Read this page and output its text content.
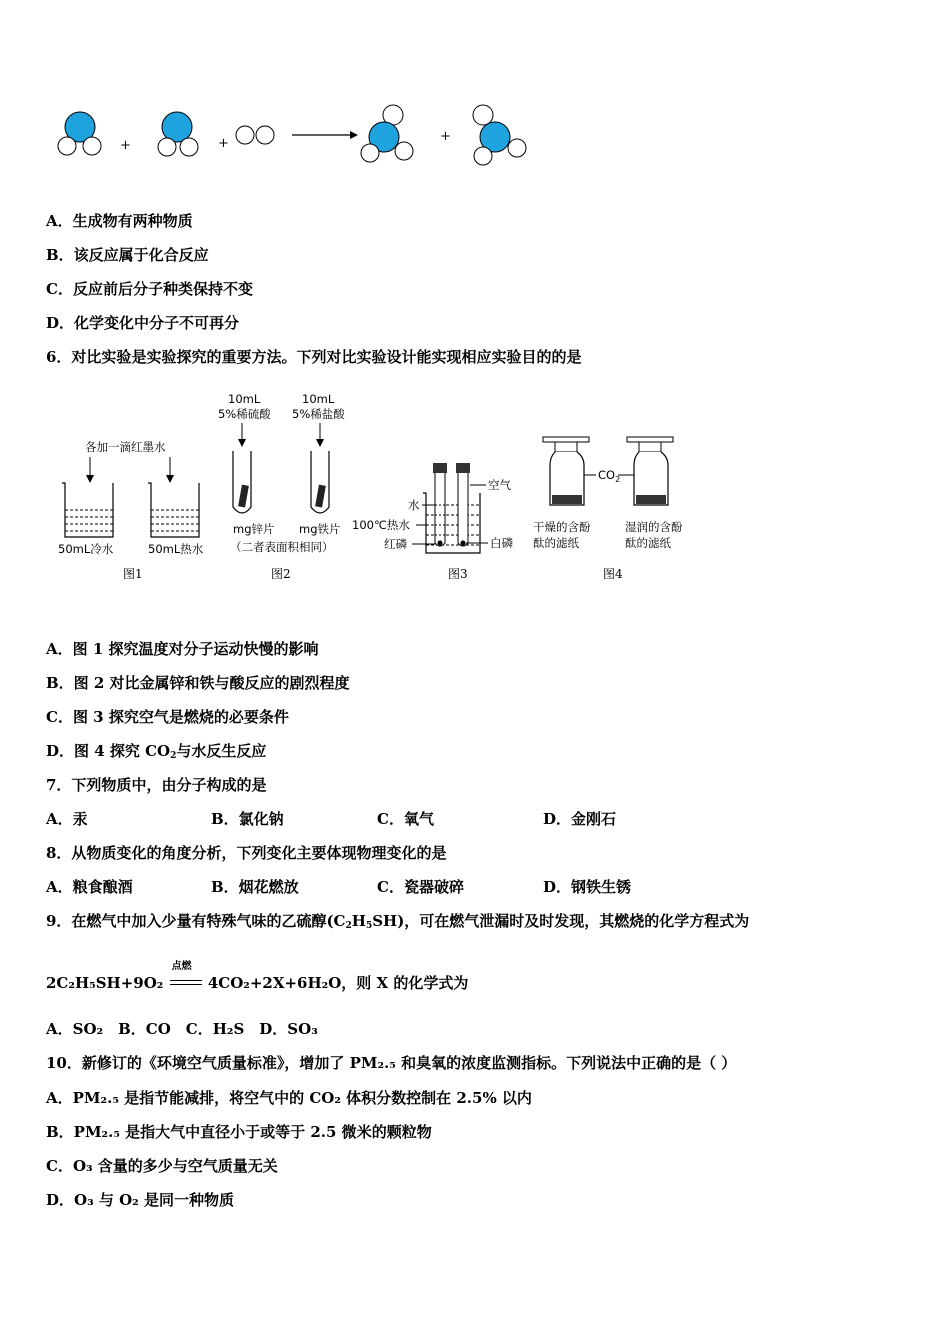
+	+	+
A．生成物有两种物质
B．该反应属于化合反应
C．反应前后分子种类保持不变
D．化学变化中分子不可再分
6．对比实验是实验探究的重要方法。下列对比实验设计能实现相应实验目的的是
各加一滴红墨水
50mL冷水	50mL热水
图1
10mL
5%稀硫酸
10mL
5%稀盐酸
mg锌片 mg铁片
（二者表面积相同）
图2
空气
水
100℃热水
红磷	白磷
图3
$CO_2$
干燥的含酚
酞的滤纸
湿润的含酚
酞的滤纸
图4
A．图 1 探究温度对分子运动快慢的影响
B．图 2 对比金属锌和铁与酸反应的剧烈程度
C．图 3 探究空气是燃烧的必要条件
D．图 4 探究 $CO_2$与水反生反应
7．下列物质中，由分子构成的是
A．汞	B．氯化钠	C．氧气	D．金刚石
8．从物质变化的角度分析，下列变化主要体现物理变化的是
A．粮食酿酒	B．烟花燃放	C．瓷器破碎	D．钢铁生锈
9．在燃气中加入少量有特殊气味的乙硫醇$(C_2H_5SH)$，可在燃气泄漏时及时发现，其燃烧的化学方程式为
2C₂H₅SH+9O₂
点燃
4CO₂+2X+6H₂O，则 X 的化学式为
A．SO₂　B．CO　C．H₂S　D．SO₃
10．新修订的《环境空气质量标准》，增加了 PM₂.₅ 和臭氧的浓度监测指标。下列说法中正确的是（ ）
A．PM₂.₅ 是指节能减排，将空气中的 CO₂ 体积分数控制在 2.5% 以内
B．PM₂.₅ 是指大气中直径小于或等于 2.5 微米的颗粒物
C．O₃ 含量的多少与空气质量无关
D．O₃ 与 O₂ 是同一种物质
